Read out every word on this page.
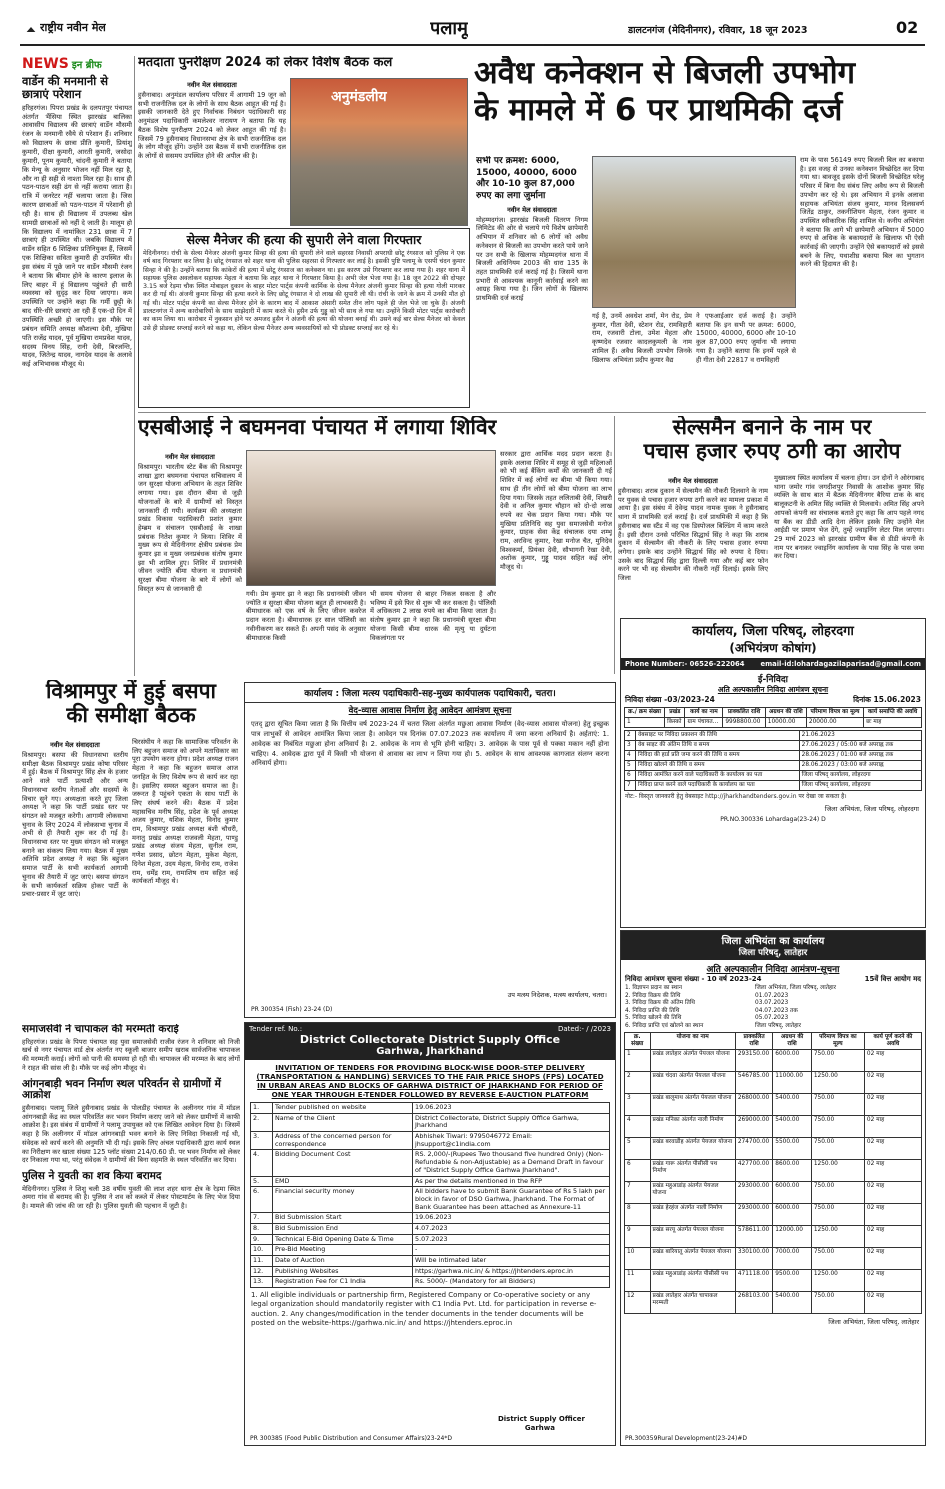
राष्ट्रीय नवीन मेल	पलामू	डालटनगंज (मेदिनीनगर), रविवार, 18 जून 2023	02
NEWS इन ब्रीफ
वार्डेन की मनमानी से छात्राएं परेशान
हरिहरगंज। पिपरा प्रखंड के दलपतपुर पंचायत अंतर्गत भैंसिया स्थित झारखंड बालिका आवासीय विद्यालय की छात्राएं वार्डेन मौसमी रंजन के मनमानी रवैये से परेशान हैं। शनिवार को विद्यालय के छात्रा प्रीति कुमारी, प्रियांशु कुमारी, दीक्षा कुमारी, आरती कुमारी, जसोदा कुमारी, पूनम कुमारी, चांदनी कुमारी ने बताया कि मेन्यू के अनुसार भोजन नहीं मिल रहा है, और ना ही सही से नाश्ता मिल रहा है। साथ ही पठन-पाठन सही ढंग से नहीं कराया जाता है। रात्रि में जनरेटर नहीं चलाया जाता है। जिस कारण छात्राओं को पठन-पाठन में परेशानी हो रही है। साथ ही विद्यालय में उपलब्ध खेल सामग्री छात्राओं को नहीं दे जाती है। मालूम हो कि विद्यालय में नामांकित 231 छात्रा में 7 छात्राएं ही उपस्थित थी। जबकि विद्यालय में वार्डेन सहित 6 शिक्षिका प्रतिनियुक्त हैं, जिसमें एक शिक्षिका सविता कुमारी ही उपस्थित थी। इस संबंध में पूछे जाने पर वार्डेन मौसमी रंजन ने बताया कि बीमार होने के कारण इलाज के लिए बाहर में हूं विद्यालय पहुंचते ही सारी व्यवस्था को सुदृढ़ कर दिया जाएगा। कम उपस्थिति पर उन्होंने कहा कि गर्मी छुट्टी के बाद धीरे-धीरे छात्राएं आ रही हैं एक-दो दिन में उपस्थिति अच्छी हो जाएगी। इस मौके पर प्रबंधन समिति अध्यक्ष कौशल्या देवी, मुखिया पति राजेंद्र यादव, पूर्व मुखिया रामप्रवेश यादव, सदस्य विनय सिंह, रानी देवी, बिरजन्ति, यादव, जितेन्द्र यादव, नागदेव यादव के अलावे कई अभिभावक मौजूद थे।
मतदाता पुनरीक्षण 2024 को लेकर विशेष बैठक कल
नवीन मेल संवाददाता
हुसैनाबाद। अनुमंडल कार्यालय परिसर में आगामी 19 जून को सभी राजनीतिक दल के लोगों के साथ बैठक आहूत की गई है। इसकी जानकारी देते हुए निर्वाचक निबंधन पदाधिकारी सह अनुमंडल पदाधिकारी कमलेश्वर नारायण ने बताया कि यह बैठक विशेष पुनरीक्षण 2024 को लेकर आहूत की गई है। जिसमें 79 हुसैनाबाद विधानसभा क्षेत्र के सभी राजनीतिक दल के लोग मौजूद होंगे। उन्होंने उस बैठक में सभी राजनीतिक दल के लोगों से ससमय उपस्थित होने की अपील की है।
अनुमंडलीय
सेल्स मैनेजर की हत्या की सुपारी लेने वाला गिरफ्तार
मेदिनीनगर। रांची के सेल्स मैनेजर अंजनी कुमार सिन्हा की हत्या की सुपारी लेने वाले सहरसा निवासी अपराधी छोटू रंगसाज को पुलिस ने एक वर्ष बाद गिरफ्तार कर लिया है। छोटू रंगसाज को शहर थाना की पुलिस सहरसा से गिरफ्तार कर लाई है। इसकी पुष्टि पलामू के एसपी चंदन कुमार सिन्हा ने की है। उन्होंने बताया कि कांकेरों की हत्या में छोटू रंगसाज का कनेक्शन था। इस कारण उसे गिरफ्तार कर लाया गया है। शहर थाना में सहायक पुलिस अवलोकन सहायक मेहता ने बताया कि शहर थाना ने गिरफ्तार किया है। अभी जेल भेजा गया है। 18 जून 2022 की दोपहर 3.15 बजे रेड़मा चौक स्थित मोबाइल दुकान के बाहर मोटर पार्ट्स कंपनी कार्मिक के सेल्स मैनेजर अंजनी कुमार सिन्हा की हत्या गोली मारकर कर दी गई थी। अंजनी कुमार सिन्हा की हत्या करने के लिए छोटू रंगसाज ने दो लाख की सुपारी ली थी। रांची के जाने के क्रम में उनकी मौत हो गई थी। मोटर पार्ट्स कंपनी का सेल्स मैनेजर होने के कारण बाद में आकाश अंसारी समेत तीन लोग पहले ही जेल भेजे जा चुके हैं। अंजनी डालटनगंज में अन्य कारोबारियों के साथ साझेदारी में काम करते थे। हुसैन उर्फ गुड्डू को भी साथ ले गया था। उन्होंने किसी मोटर पार्ट्स कारोबारी का काम लिया था। कारोबार में नुकसान होने पर अमजद हुसैन ने अंजनी की हत्या की योजना बनाई थी। उसने कई बार सेल्स मैनेजर को केवल उसे ही प्रोडक्ट सप्लाई करने को कहा था, लेकिन सेल्स मैनेजर अन्य व्यवसायियों को भी प्रोडक्ट सप्लाई कर रहे थे।
अवैध कनेक्शन से बिजली उपभोग
के मामले में 6 पर प्राथमिकी दर्ज
सभी पर क्रमश: 6000, 15000, 40000, 6000 और 10-10 कुल 87,000 रुपए का लगा जुर्माना
नवीन मेल संवाददाता
मोहम्मदगंज। झारखंड बिजली वितरण निगम लिमिटेड की ओर से चलाये गये विशेष छापेमारी अभियान में शनिवार को 6 लोगों को अवैध कनेक्शन से बिजली का उपभोग करते पाये जाने पर उन सभी के खिलाफ मोहम्मदगंज थाना में बिजली अधिनियम 2003 की धारा 135 के तहत प्राथमिकी दर्ज कराई गई है। जिसमें थाना प्रभारी से आवश्यक कानूनी कार्रवाई करने का आग्रह किया गया है। जिन लोगों के खिलाफ प्राथमिकी दर्ज कराई
गई है, उनमें अवधेश शर्मा, मेन रोड, प्रेम कुमार, गीता देवी, स्टेशन रोड, रामविहारी राम, रजवारी टोला, उमेश मेहता और कृष्णदेव रजवार कादलकुमली के नाम शामिल हैं। अवैध बिजली उपभोग जिनके खिलाफ अभियंता प्रदीप कुमार वैद्य
ने एफआईआर दर्ज कराई है। उन्होंने बताया कि इन सभी पर क्रमश: 6000, 15000, 40000, 6000 और 10-10 कुल 87,000 रुपए जुर्माना भी लगाया गया है। उन्होंने बताया कि इनमें पहले से ही गीता देवी 22817 व रामविहारी
राम के पास 56149 रुपए बिजली बिल का बकाया है। इस वजह से उनका कनेक्शन विच्छेदित कर दिया गया था। बावजूद इसके दोनों बिजली विच्छेदित घरेलू परिसर में बिना वैध संबंध लिए अवैध रूप से बिजली उपभोग कर रहे थे। इस अभियान में इनके अलावा सहायक अभियंता संजय कुमार, मानव दिलसवर्ण जितेंद्र ठाकुर, तकनीशियन मेहता, रंजन कुमार व उपस्थित स्वीकारिक सिंह शामिल थे। कनीय अभियंता ने बताया कि आगे भी छापेमारी अभियान में 5000 रुपए से अधिक के बकायदारों के खिलाफ भी ऐसी कार्रवाई की जाएगी। उन्होंने ऐसे बकायदारों को इससे बचने के लिए, यथाशीघ्र बकाया बिल का भुगतान करने की हिदायत की है।
एसबीआई ने बघमनवा पंचायत में लगाया शिविर
नवीन मेल संवाददाता
विश्रामपुर। भारतीय स्टेट बैंक की विश्रामपुर शाखा द्वारा बघमनवा पंचायत सचिवालय में जन सुरक्षा योजना अभियान के तहत शिविर लगाया गया। इस दौरान बीमा से जुड़ी योजनाओं के बारे में ग्रामीणों को विस्तृत जानकारी दी गयी। कार्यक्रम की अध्यक्षता प्रखंड विकास पदाधिकारी प्रशांत कुमार हेम्ब्रम व संचालन एसबीआई के शाखा प्रबंधक नितेश कुमार ने किया। शिविर में मुख्य रूप से मेदिनीनगर क्षेत्रीय प्रबंधक प्रेम कुमार झा व मुख्य जनप्रबंधक संतोष कुमार झा भी शामिल हुए। शिविर में प्रधानमंत्री जीवन ज्योति बीमा योजना व प्रधानमंत्री सुरक्षा बीमा योजना के बारे में लोगों को विस्तृत रूप से जानकारी दी
गयी। प्रेम कुमार झा ने कहा कि प्रधानमंत्री जीवन ज्योति व सुरक्षा बीमा योजना बहुत ही लाभकारी है। बीमाधारक को एक वर्ष के लिए जीवन कवरेज प्रदान करता है। बीमाधारक हर साल पॉलिसी का नवीनीकरण कर सकते हैं। अपनी पसंद के अनुसार बीमाधारक किसी
भी समय योजना से बाहर निकल सकता है और भविष्य में इसे फिर से शुरू भी कर सकता है। पॉलिसी में अधिकतम 2 लाख रुपये का बीमा किया जाता है। संतोष कुमार झा ने कहा कि प्रधानमंत्री सुरक्षा बीमा योजना किसी बीमा धारक की मृत्यु या दुर्घटना विकलांगता पर
सरकार द्वारा आर्थिक मदद प्रदान करता है। इसके अलावा शिविर में समूह से जुड़ी महिलाओं को भी कई बैंकिंग कर्मों की जानकारी दी गई शिविर में कई लोगों का बीमा भी किया गया। साथ ही तीन लोगों को बीमा योजना का लाभ दिया गया। जिसके तहत ललिताबी देवी, शिखरी देवी व अनिल कुमार चौहान को दो-दो लाख रुपये का चेक प्रदान किया गया। मौके पर मुखिया प्रतिनिधि सह युवा समाजसेवी मनोज कुमार, ग्राहक सेवा केंद्र संचालक दया शम्भू राम, अरविन्द कुमार, रेखा मनोज चैत, मुनिदेव विश्वकर्मा, प्रियंका देवी, सौभागनी रेखा देवी, अशोक कुमार, गुड्डू यादव सहित कई लोग मौजूद थे।
सेल्समैन बनाने के नाम पर
पचास हजार रुपए ठगी का आरोप
नवीन मेल संवाददाता
हुसैनाबाद। शराब दुकान में सेल्समैन की नौकरी दिलवाने के नाम पर युवक से पचास हजार रुपया ठगी करने का मामला प्रकाश में आया है। इस संबंध में देवेन्द्र यादव नामक युवक ने हुसैनाबाद थाना में प्राथमिकी दर्ज कराई है। दर्ज प्राथमिकी में कहा है कि हुसैनाबाद बस स्टैंड में वह एक डिस्पोजल बिल्डिंग में काम करते है। इसी दौरान उनसे परिचित सिद्धार्थ सिंह ने कहा कि शराब दुकान में सेल्समैन की नौकरी के लिए पचास हजार रुपया लगेगा। इसके बाद उन्होंने सिद्धार्थ सिंह को रुपया दे दिया। उसके बाद सिद्धार्थ सिंह द्वारा दिल्ली गया और कई बार फोन करने पर भी वह सेल्समैन की नौकरी नहीं दिलाई। इसके लिए जिला
मुख्यालय स्थित कार्यालय में चलना होगा। उन दोनों ने ओरंगाबाद थाना जमोर गांव जगदीशपुर निवासी के आशोक कुमार सिंह व्यक्ति के साथ बात में बैठक मेदिनीनगर बैरिया टाक के बाद बालूकटनी के अमित सिंह व्यक्ति से मिलवाये। अमित सिंह अपने आपको कंपनी का संचालक बताते हुए कहा कि आप पहले नगद या बैंक का डीडी आदि देना लेकिन इसके लिए उन्होंने मेल आईडी पर प्रमाण भेज देंगे, तुम्हें ज्वाइनिंग लेटर मिल जाएगा। 29 मार्च 2023 को झारखंड ग्रामीण बैंक से डीडी कंपनी के नाम पर बनाकर ज्वाइनिंग कार्यालय के पास सिंह के पास जमा कर दिया।
कार्यालय, जिला परिषद्, लोहरदगा
(अभियंत्रण कोषांग)
Phone Number:- 06526-222064 email-id:lohardagazilaparisad@gmail.com
ई-निविदा
अति अल्पकालीन निविदा आमंत्रण सूचना
निविदा संख्या -03/2023-24	दिनांक 15.06.2023
क्र./ क्रम संख्या	प्रखंड	कार्य का नाम	प्राक्कलित राशि	अग्रधन की राशि	परिमाण विपत्र का मूल्य	कार्य समाप्ति की अवधि
1	किस्को	ग्राम पंचायत...	9998800.00	10000.00	20000.00	छः माह
2	वेबसाइट पर निविदा प्रकाशन की तिथि	21.06.2023
3	वेब साइट की अंतिम तिथि व समय	27.06.2023 / 05:00 बजे अपराह्न तक
4	निविदा की हार्ड प्रति जमा करने की तिथि व समय	28.06.2023 / 01:00 बजे अपराह्न तक
5	निविदा खोलने की तिथि व समय	28.06.2023 / 03:00 बजे अपराह्न
6	निविदा आमंत्रित करने वाले पदाधिकारी के कार्यालय का पता	जिला परिषद् कार्यालय, लोहरदगा
7	निविदा प्राप्त करने वाले पदाधिकारी के कार्यालय का पता	जिला परिषद् कार्यालय, लोहरदगा
नोट:- विस्तृत जानकारी हेतु वेबसाइट http://jharkhandtenders.gov.in पर देखा जा सकता है।
जिला अभियंता, जिला परिषद्, लोहरदगा
PR.NO.300336 Lohardaga(23-24) D
विश्रामपुर में हुई बसपा
की समीक्षा बैठक
नवीन मेल संवाददाता
विश्रामपुर। बसपा की विधानसभा स्तरीय समीक्षा बैठक विश्रामपुर प्रखंड कोषा परिसर में हुई। बैठक में विश्रामपुर सिंह क्षेत्र के हजार आने वाले पार्टी प्रत्याशी और अन्य विधानसभा स्तरीय नेताओं और सदस्यों के विचार सुने गए। अध्यक्षता करते हुए जिला अध्यक्ष ने कहा कि पार्टी प्रखंड स्तर पर संगठन को मजबूत करेगी। आगामी लोकसभा चुनाव के लिए 2024 में लोकसभा चुनाव में अभी से ही तैयारी शुरू कर दी गई है। विधानसभा स्तर पर मुख्य संगठन को मजबूत बनाने का संकल्प लिया गया। बैठक में मुख्य अतिथि प्रदेश अध्यक्ष ने कहा कि बहुजन समाज पार्टी के सभी कार्यकर्ता आगामी चुनाव की तैयारी में जुट जाएं। बसपा संगठन के सभी कार्यकर्ता सक्रिय होकर पार्टी के प्रचार-प्रसार में जुट जाएं।
चिरसंघीय ने कहा कि सामाजिक परिवर्तन के लिए बहुजन समाज को अपने मताधिकार का पूरा उपयोग करना होगा। प्रदेश अध्यक्ष राजन मेहता ने कहा कि बहुजन समाज आज जनहित के लिए विशेष रूप से कार्य कर रहा है। इसलिए समस्त बहुजन समाज का है। जरूरत है पहुंचने एकता के साथ पार्टी के लिए संघर्ष करने की। बैठक में प्रदेश महासचिव मनीष सिंह, प्रदेश के पूर्व अध्यक्ष अजय कुमार, यशिक मेहता, विनोद कुमार राम, विश्रामपुर प्रखंड अध्यक्ष बंशी चौधरी, मनातु प्रखंड अध्यक्ष राजवली मेहता, पाण्डु प्रखंड अध्यक्ष संजय मेहता, सुनील राम, गणेश प्रसाद, छोटन मेहता, मुकेश मेहता, दिनेश मेहता, उदय मेहता, विनोद राम, राजेश राम, धर्मेंद्र राम, रामाशिष राम सहित कई कार्यकर्ता मौजूद थे।
कार्यालय : जिला मत्स्य पदाधिकारी-सह-मुख्य कार्यपालक पदाधिकारी, चतरा।
वेद-व्यास आवास निर्माण हेतु आवेदन आमंत्रण सूचना
एतद् द्वारा सूचित किया जाता है कि वित्तीय वर्ष 2023-24 में चतरा जिला अंतर्गत मछुआ आवास निर्माण (वेद-व्यास आवास योजना) हेतु इच्छुक पात्र लाभुकों से आवेदन आमंत्रित किया जाता है। आवेदन पत्र दिनांक 07.07.2023 तक कार्यालय में जमा करना अनिवार्य है। अर्हताएं: 1. आवेदक का निबंधित मछुआ होना अनिवार्य है। 2. आवेदक के नाम से भूमि होनी चाहिए। 3. आवेदक के पास पूर्व से पक्का मकान नहीं होना चाहिए। 4. आवेदक द्वारा पूर्व में किसी भी योजना से आवास का लाभ न लिया गया हो। 5. आवेदन के साथ आवश्यक कागजात संलग्न करना अनिवार्य होगा।
उप मत्स्य निदेशक, मत्स्य कार्यालय, चतरा।
PR 300354 (Fish) 23-24 (D)
समाजसेवी ने चापाकल की मरम्मती कराई
हरिहरगंज। प्रखंड के पिपरा पंचायत सह युवा समाजसेवी राजीव रंजन ने शनिवार को निजी खर्च से नगर पंचायत वार्ड क्षेत्र अंतर्गत नए स्कूली बाजार समीप खराब सार्वजनिक चापाकल की मरम्मती कराई। लोगों को पानी की समस्या हो रही थी। चापाकल की मरम्मत के बाद लोगों ने राहत की सांस ली है। मौके पर कई लोग मौजूद थे।
आंगनबाड़ी भवन निर्माण स्थल परिवर्तन से ग्रामीणों में आक्रोश
हुसैनाबाद। पलामू जिले हुसैनाबाद प्रखंड के पोलडीह पंचायत के अलीनगर गांव में मॉडल आंगनबाड़ी केंद्र का स्थल परिवर्तित कर भवन निर्माण कराए जाने को लेकर ग्रामीणों में काफी आक्रोश है। इस संबंध में ग्रामीणों ने पलामू उपायुक्त को एक लिखित आवेदन दिया है। जिसमें कहा है कि अलीनगर में मॉडल आंगनबाड़ी भवन बनाने के लिए निविदा निकाली गई थी, संवेदक को कार्य करने की अनुमति भी दी गई। इसके लिए अंचल पदाधिकारी द्वारा कार्य स्थल का निरीक्षण कर खाता संख्या 125 प्लॉट संख्या 214/0.60 डी. पर भवन निर्माण को लेकर दर निकाला गया था, परंतु संवेदक ने ग्रामीणों की बिना सहमति के स्थल परिवर्तित कर दिया।
पुलिस ने युवती का शव किया बरामद
मेदिनीनगर। पुलिस ने शिशु चली 38 वर्षीय युवती की लाश शहर थाना क्षेत्र के रेड़मा स्थित अमरा गांव से बरामद की है। पुलिस ने शव को कब्जे में लेकर पोस्टमार्टम के लिए भेज दिया है। मामले की जांच की जा रही है। पुलिस युवती की पहचान में जुटी है।
Tender ref. No.:	Dated:- / /2023
District Collectorate District Supply Office
Garhwa, Jharkhand
INVITATION OF TENDERS FOR PROVIDING BLOCK-WISE DOOR-STEP DELIVERY (TRANSPORTATION & HANDLING) SERVICES TO THE FAIR PRICE SHOPS (FPS) LOCATED IN URBAN AREAS AND BLOCKS OF GARHWA DISTRICT OF JHARKHAND FOR PERIOD OF ONE YEAR THROUGH E-TENDER FOLLOWED BY REVERSE E-AUCTION PLATFORM
1.	Tender published on website	19.06.2023
2.	Name of the Client	District Collectorate, District Supply Office Garhwa, Jharkhand
3.	Address of the concerned person for correspondence	Abhishek Tiwari: 9795046772 Email: jhsupport@c1india.com
4.	Bidding Document Cost	RS. 2,000/-(Rupees Two thousand five hundred Only) (Non-Refundable & non-Adjustable) as a Demand Draft in favour of "District Supply Office Garhwa Jharkhand".
5.	EMD	As per the details mentioned in the RFP
6.	Financial security money	All bidders have to submit Bank Guarantee of Rs 5 lakh per block in favor of DSO Garhwa, Jharkhand. The Format of Bank Guarantee has been attached as Annexure-11
7.	Bid Submission Start	19.06.2023
8.	Bid Submission End	4.07.2023
9.	Technical E-Bid Opening Date & Time	5.07.2023
10.	Pre-Bid Meeting	-
11.	Date of Auction	Will be intimated later
12.	Publishing Websites	https://garhwa.nic.in/ & https://jhtenders.eproc.in
13.	Registration Fee for C1 India	Rs. 5000/- (Mandatory for all Bidders)
1. All eligible individuals or partnership firm, Registered Company or Co-operative society or any legal organization should mandatorily register with C1 India Pvt. Ltd. for participation in reverse e-auction. 2. Any changes/modification in the tender documents in the tender documents will be posted on the website-https://garhwa.nic.in/ and https://jhtenders.eproc.in
District Supply Officer
Garhwa
PR 300385 (Food Public Distribution and Consumer Affairs)23-24*D
जिला अभियंता का कार्यालय
जिला परिषद्, लातेहार
अति अल्पकालीन निविदा आमंत्रण-सूचना
निविदा आमंत्रण सूचना संख्या - 10 वर्ष 2023-24	15वें वित्त आयोग मद
1. विज्ञापन प्रदान का स्थान	जिला अभियंता, जिला परिषद्, लातेहार
2. निविदा विक्रय की तिथि	01.07.2023
3. निविदा विक्रय की अंतिम तिथि	03.07.2023
4. निविदा प्राप्ति की तिथि	04.07.2023 तक
5. निविदा खोलने की तिथि	05.07.2023
6. निविदा प्राप्ति एवं खोलने का स्थान	जिला परिषद्, लातेहार
क्र. संख्या	योजना का नाम	प्राक्कलित राशि	अग्रधन की राशि	परिमाण विपत्र का मूल्य	कार्य पूर्ण करने की अवधि
1	प्रखंड लातेहार अंतर्गत पेयजल योजना	293150.00	6000.00	750.00	02 माह
2	प्रखंड चंदवा अंतर्गत पेयजल योजना	546785.00	11000.00	1250.00	02 माह
3	प्रखंड बालूमाथ अंतर्गत पेयजल योजना	268000.00	5400.00	750.00	02 माह
4	प्रखंड मनिका अंतर्गत नाली निर्माण	269000.00	5400.00	750.00	02 माह
5	प्रखंड बरवाडीह अंतर्गत पेयजल योजना	274700.00	5500.00	750.00	02 माह
6	प्रखंड गारू अंतर्गत पीसीसी पथ निर्माण	427700.00	8600.00	1250.00	02 माह
7	प्रखंड महुआडांड़ अंतर्गत पेयजल योजना	293000.00	6000.00	750.00	02 माह
8	प्रखंड हेरहंज अंतर्गत नाली निर्माण	293000.00	6000.00	750.00	02 माह
9	प्रखंड सरयू अंतर्गत पेयजल योजना	578611.00	12000.00	1250.00	02 माह
10	प्रखंड बारियातू अंतर्गत पेयजल योजना	330100.00	7000.00	750.00	02 माह
11	प्रखंड महुआडांड़ अंतर्गत पीसीसी पथ	471118.00	9500.00	1250.00	02 माह
12	प्रखंड लातेहार अंतर्गत चापाकल मरम्मती	268103.00	5400.00	750.00	02 माह
जिला अभियंता, जिला परिषद्, लातेहार
PR.300359Rural Development(23-24)#D
